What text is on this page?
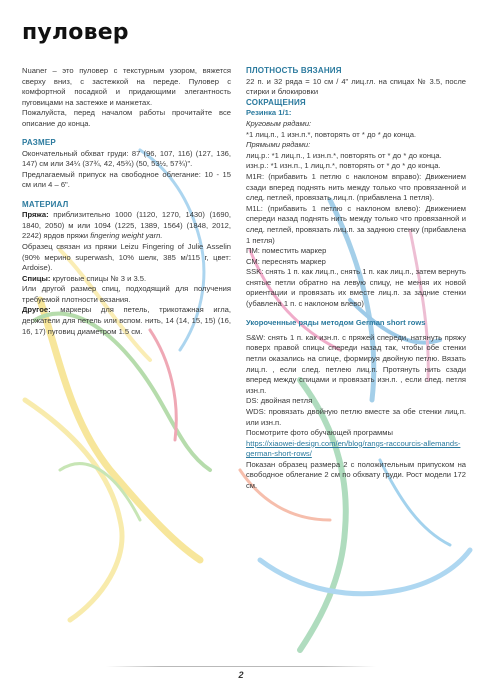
пуловер

Nuaner – это пуловер с текстурным узором, вяжется сверху вниз, с застежкой на переде. Пуловер с комфортной посадкой и придающими элегантность пуговицами на застежке и манжетах.

Пожалуйста, перед началом работы прочитайте все описание до конца.

РАЗМЕР

Окончательный обхват груди: 87 (96, 107, 116) (127, 136, 147) см или 34¼ (37¾, 42, 45¾) (50, 53½, 57¾)".

Предлагаемый припуск на свободное облегание: 10 - 15 см или 4 – 6".

МАТЕРИАЛ

Пряжа: приблизительно 1000 (1120, 1270, 1430) (1690, 1840, 2050) м или 1094 (1225, 1389, 1564) (1848, 2012, 2242) ярдов пряжи fingering weight yarn.

Образец связан из пряжи Leizu Fingering of Julie Asselin (90% мерино superwash, 10% шелк, 385 м/115 г, цвет: Ardoise).

Спицы: круговые спицы № 3 и 3.5.

Или другой размер спиц, подходящий для получения требуемой плотности вязания.

Другое: маркеры для петель, трикотажная игла, держатели для петель или вспом. нить, 14 (14, 15, 15) (16, 16, 17) пуговиц диаметром 1.5 см.

ПЛОТНОСТЬ ВЯЗАНИЯ

22 п. и 32 ряда = 10 см / 4" лиц.гл. на спицах № 3.5, после стирки и блокировки

СОКРАЩЕНИЯ

Резинка 1/1:

Круговым рядами:

*1 лиц.п., 1 изн.п.*, повторять от * до * до конца.

Прямыми рядами:

лиц.р.: *1 лиц.п., 1 изн.п.*, повторять от * до * до конца.

изн.р.: *1 изн.п., 1 лиц.п.*, повторять от * до * до конца.

M1R: (прибавить 1 петлю с наклоном вправо): Движением сзади вперед поднять нить между только что провязанной и след. петлей, провязать лиц.п. (прибавлена 1 петля).

M1L: (прибавить 1 петлю с наклоном влево): Движением спереди назад поднять нить между только что провязанной и след. петлей, провязать лиц.п. за заднюю стенку (прибавлена 1 петля)

ПМ: поместить маркер

СМ: переснять маркер

SSK: снять 1 п. как лиц.п., снять 1 п. как лиц.п., затем вернуть снятые петли обратно на левую спицу, не меняя их новой ориентации и провязать их вместе лиц.п. за задние стенки (убавлена 1 п. с наклоном влево)

Укороченные ряды методом German short rows

S&W: снять 1 п. как изн.п. с пряжей спереди, натянуть пряжу поверх правой спицы спереди назад так, чтобы обе стенки петли оказались на спице, формируя двойную петлю. Вязать лиц.п. , если след. петлею лиц.п. Протянуть нить сзади вперед между спицами и провязать изн.п. , если след. петля изн.п.

DS: двойная петля

WDS: провязать двойную петлю вместе за обе стенки лиц.п. или изн.п.

Посмотрите фото обучающей программы

https://xiaowei-design.com/en/blog/rangs-raccourcis-allemands-german-short-rows/

Показан образец размера 2 с положительным припуском на свободное облегание 2 см по обхвату груди. Рост модели 172 см.

2
